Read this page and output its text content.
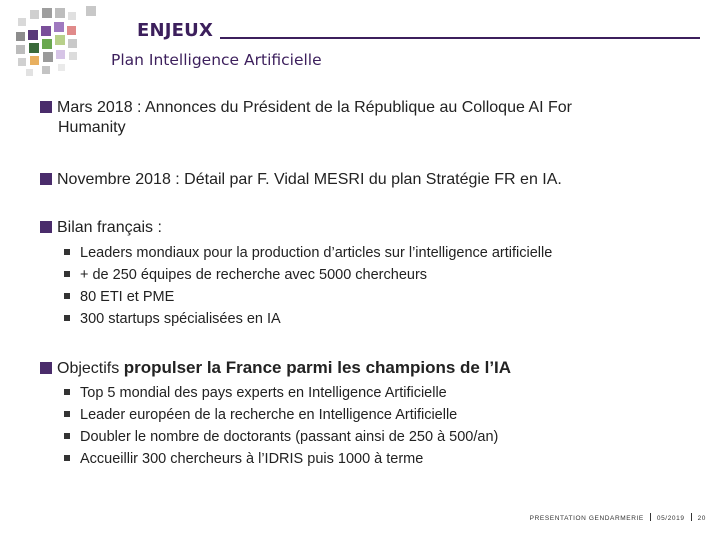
ENJEUX
Plan Intelligence Artificielle
Mars 2018 : Annonces du Président de la République au Colloque AI For
Humanity
Novembre 2018 : Détail par F. Vidal MESRI du plan Stratégie FR en IA.
Bilan français :
Leaders mondiaux pour la production d’articles sur l’intelligence artificielle
+ de 250 équipes de recherche avec 5000 chercheurs
80 ETI et PME
300 startups spécialisées en IA
Objectifs propulser la France parmi les champions de l’IA
Top 5 mondial des pays experts en Intelligence Artificielle
Leader européen de la recherche en Intelligence Artificielle
Doubler le nombre de doctorants (passant ainsi de 250 à 500/an)
Accueillir 300 chercheurs à l’IDRIS puis 1000 à terme
PRESENTATION GENDARMERIE 05/2019 20
